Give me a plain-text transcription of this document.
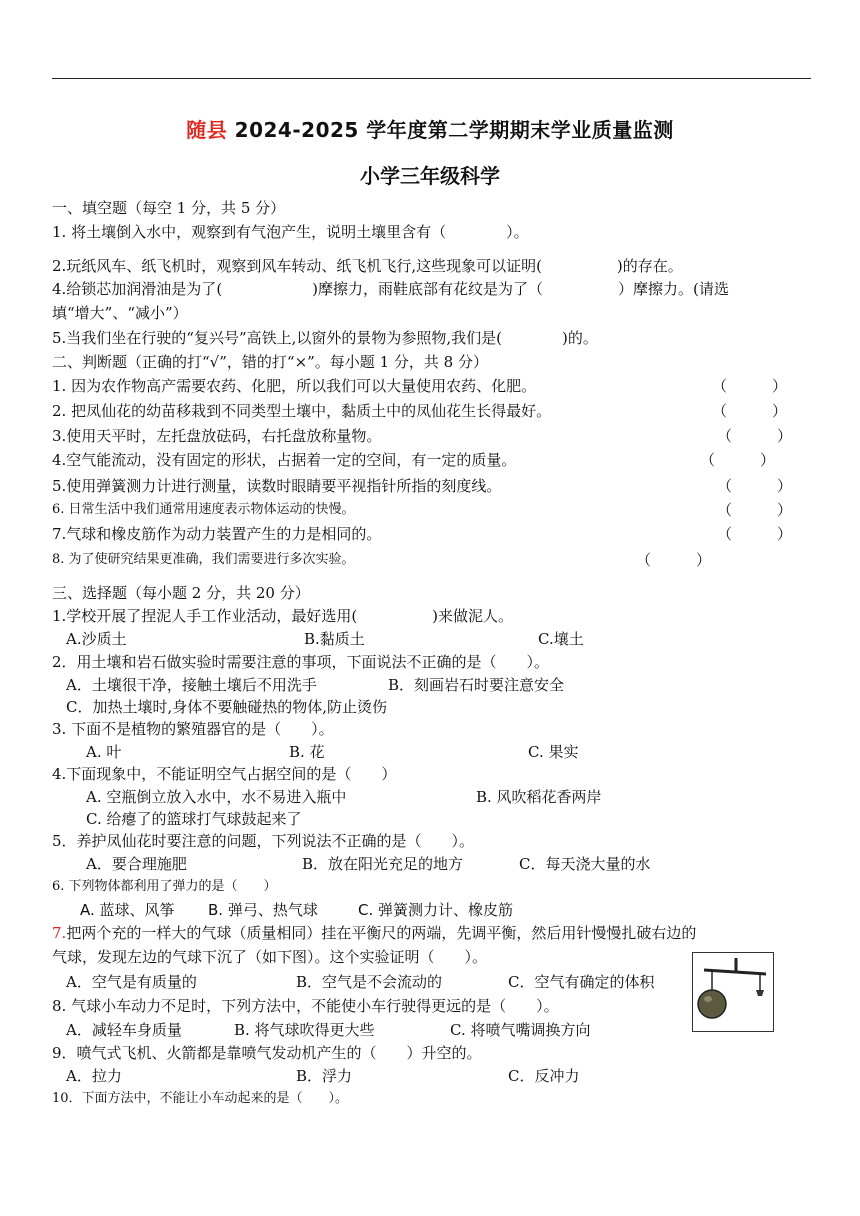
随县 2024-2025 学年度第二学期期末学业质量监测
小学三年级科学
一、填空题（每空 1 分，共 5 分）
1. 将土壤倒入水中，观察到有气泡产生，说明土壤里含有（　　　　）。
2.玩纸风车、纸飞机时，观察到风车转动、纸飞机飞行,这些现象可以证明(　　　　　)的存在。
4.给锁芯加润滑油是为了(　　　　　　)摩擦力，雨鞋底部有花纹是为了（　　　　　）摩擦力。(请选
填“增大”、“减小”）
5.当我们坐在行驶的“复兴号”高铁上,以窗外的景物为参照物,我们是(　　　　)的。
二、判断题（正确的打“√”，错的打“×”。每小题 1 分，共 8 分）
1. 因为农作物高产需要农药、化肥，所以我们可以大量使用农药、化肥。	（　　　）
2. 把凤仙花的幼苗移栽到不同类型土壤中，黏质土中的凤仙花生长得最好。	（　　　）
3.使用天平时，左托盘放砝码，右托盘放称量物。	（　　　）
4.空气能流动，没有固定的形状，占据着一定的空间，有一定的质量。	（　　　）
5.使用弹簧测力计进行测量，读数时眼睛要平视指针所指的刻度线。	（　　　）
6. 日常生活中我们通常用速度表示物体运动的快慢。	（　　　）
7.气球和橡皮筋作为动力装置产生的力是相同的。	（　　　）
8. 为了使研究结果更准确，我们需要进行多次实验。	（　　　）
三、选择题（每小题 2 分，共 20 分）
1.学校开展了捏泥人手工作业活动，最好选用(　　　　　)来做泥人。
A.沙质土	B.黏质土	C.壤土
2．用土壤和岩石做实验时需要注意的事项，下面说法不正确的是（　　）。
A．土壤很干净，接触土壤后不用洗手	B．刻画岩石时要注意安全
C．加热土壤时,身体不要触碰热的物体,防止烫伤
3. 下面不是植物的繁殖器官的是（　　）。
A. 叶	B. 花	C. 果实
4.下面现象中，不能证明空气占据空间的是（　　）
A. 空瓶倒立放入水中，水不易进入瓶中	B. 风吹稻花香两岸
C. 给瘪了的篮球打气球鼓起来了
5．养护凤仙花时要注意的问题，下列说法不正确的是（　　）。
A．要合理施肥	B．放在阳光充足的地方	C．每天浇大量的水
6. 下列物体都利用了弹力的是（　　）
A. 蓝球、风筝 B. 弹弓、热气球	C. 弹簧测力计、橡皮筋
7.把两个充的一样大的气球（质量相同）挂在平衡尺的两端，先调平衡，然后用针慢慢扎破右边的
气球，发现左边的气球下沉了（如下图）。这个实验证明（　　）。
A．空气是有质量的	B．空气是不会流动的	C．空气有确定的体积
8. 气球小车动力不足时，下列方法中，不能使小车行驶得更远的是（　　）。
A．减轻车身质量	B. 将气球吹得更大些	C. 将喷气嘴调换方向
9．喷气式飞机、火箭都是靠喷气发动机产生的（　　）升空的。
A．拉力	B．浮力	C．反冲力
10．下面方法中，不能让小车动起来的是（　　）。
